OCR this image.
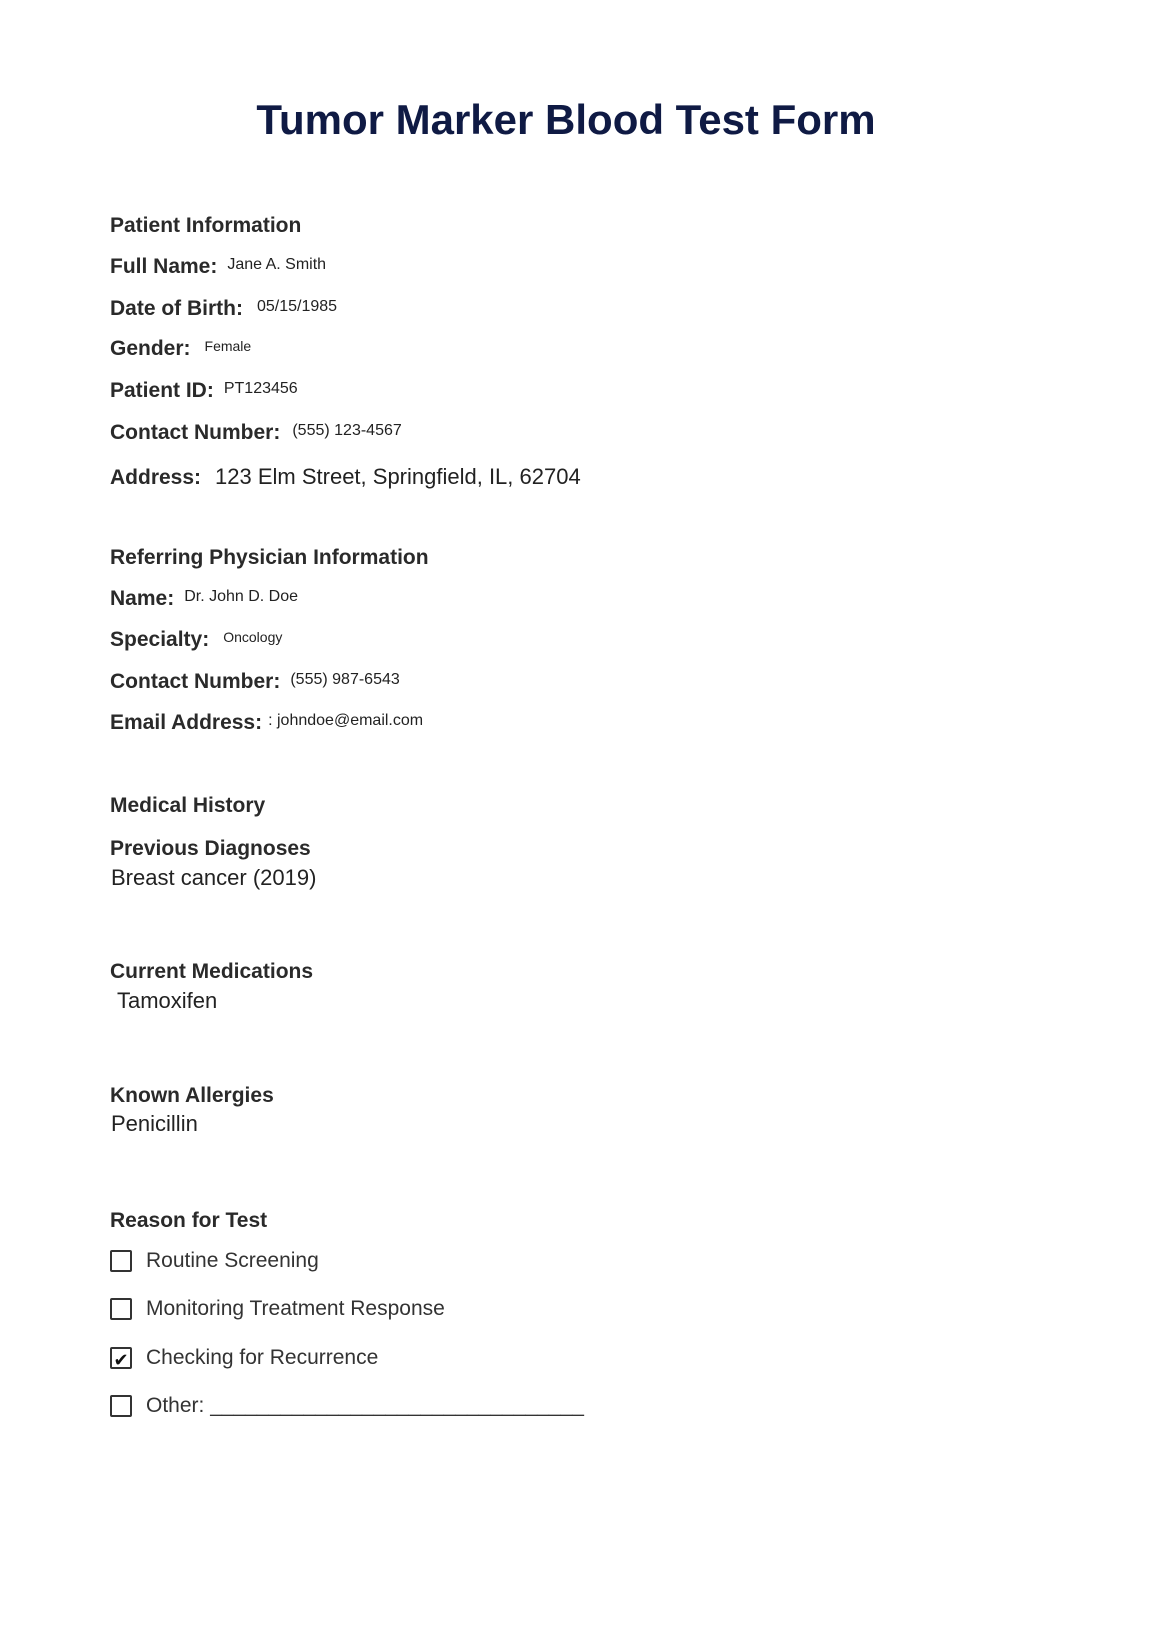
Tumor Marker Blood Test Form
Patient Information
Full Name: Jane A. Smith
Date of Birth: 05/15/1985
Gender: Female
Patient ID: PT123456
Contact Number: (555) 123-4567
Address: 123 Elm Street, Springfield, IL, 62704
Referring Physician Information
Name: Dr. John D. Doe
Specialty: Oncology
Contact Number: (555) 987-6543
Email Address: : johndoe@email.com
Medical History
Previous Diagnoses
Breast cancer (2019)
Current Medications
Tamoxifen
Known Allergies
Penicillin
Reason for Test
Routine Screening
Monitoring Treatment Response
✔ Checking for Recurrence
Other: ________________________________
